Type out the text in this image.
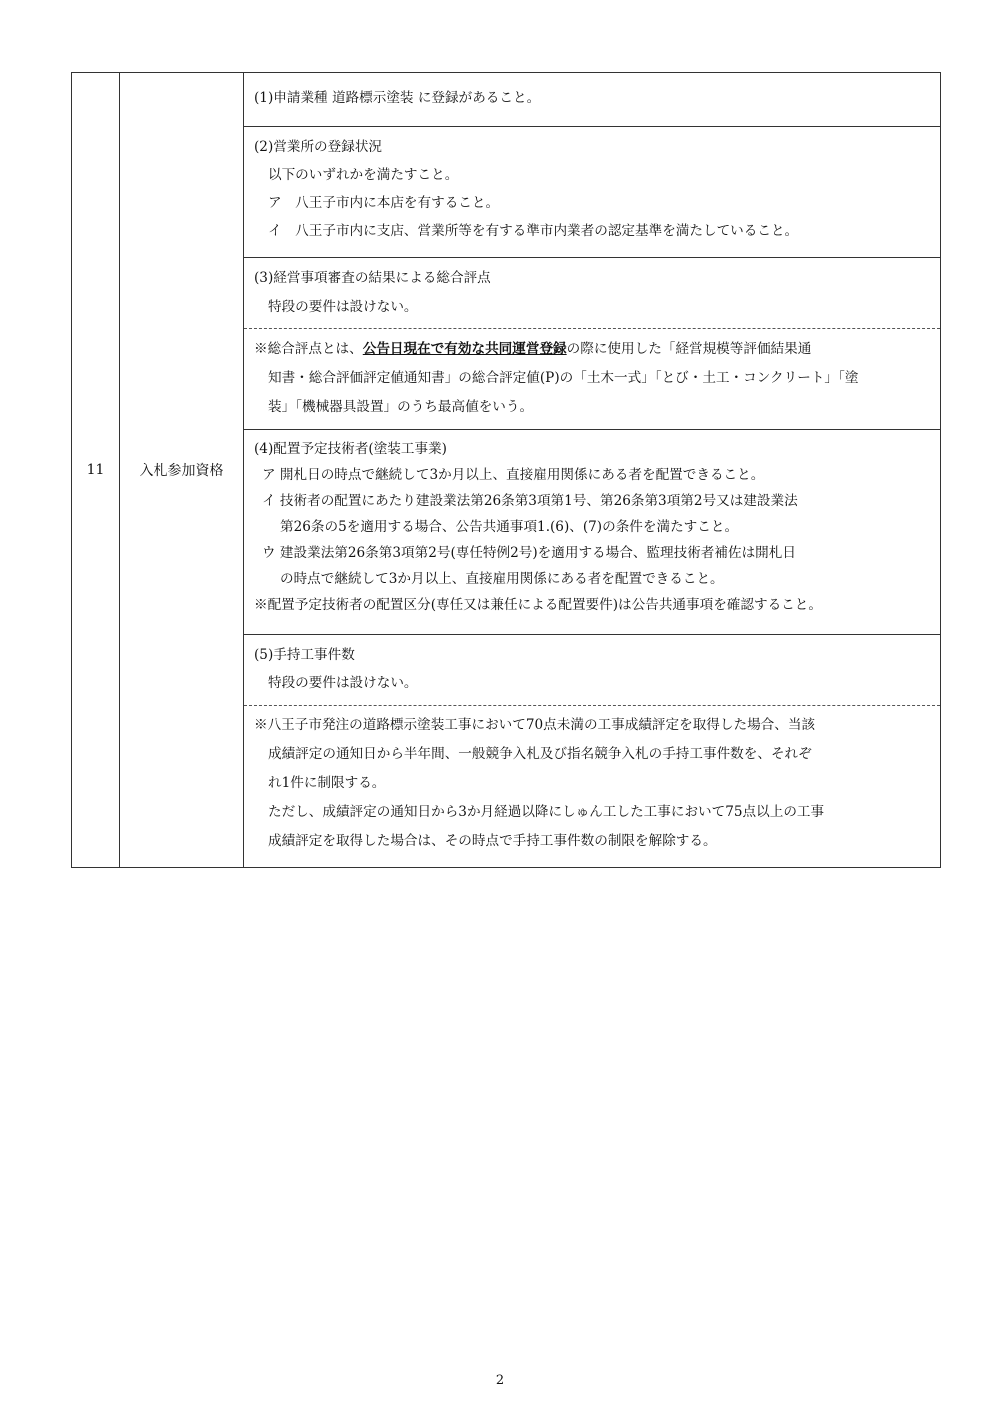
11	入札参加資格	

(1)申請業種 道路標示塗装 に登録があること。

(2)営業所の登録状況

以下のいずれかを満たすこと。

ア　八王子市内に本店を有すること。

イ　八王子市内に支店、営業所等を有する準市内業者の認定基準を満たしていること。

(3)経営事項審査の結果による総合評点

特段の要件は設けない。

※総合評点とは、公告日現在で有効な共同運営登録の際に使用した「経営規模等評価結果通

知書・総合評価評定値通知書」の総合評定値(P)の「土木一式」「とび・土工・コンクリート」「塗

装」「機械器具設置」のうち最高値をいう。

(4)配置予定技術者(塗装工事業)

ア 開札日の時点で継続して3か月以上、直接雇用関係にある者を配置できること。

イ 技術者の配置にあたり建設業法第26条第3項第1号、第26条第3項第2号又は建設業法

第26条の5を適用する場合、公告共通事項1.(6)、(7)の条件を満たすこと。

ウ 建設業法第26条第3項第2号(専任特例2号)を適用する場合、監理技術者補佐は開札日

の時点で継続して3か月以上、直接雇用関係にある者を配置できること。

※配置予定技術者の配置区分(専任又は兼任による配置要件)は公告共通事項を確認すること。

(5)手持工事件数

特段の要件は設けない。

※八王子市発注の道路標示塗装工事において70点未満の工事成績評定を取得した場合、当該

成績評定の通知日から半年間、一般競争入札及び指名競争入札の手持工事件数を、それぞ

れ1件に制限する。

ただし、成績評定の通知日から3か月経過以降にしゅん工した工事において75点以上の工事

成績評定を取得した場合は、その時点で手持工事件数の制限を解除する。

2
